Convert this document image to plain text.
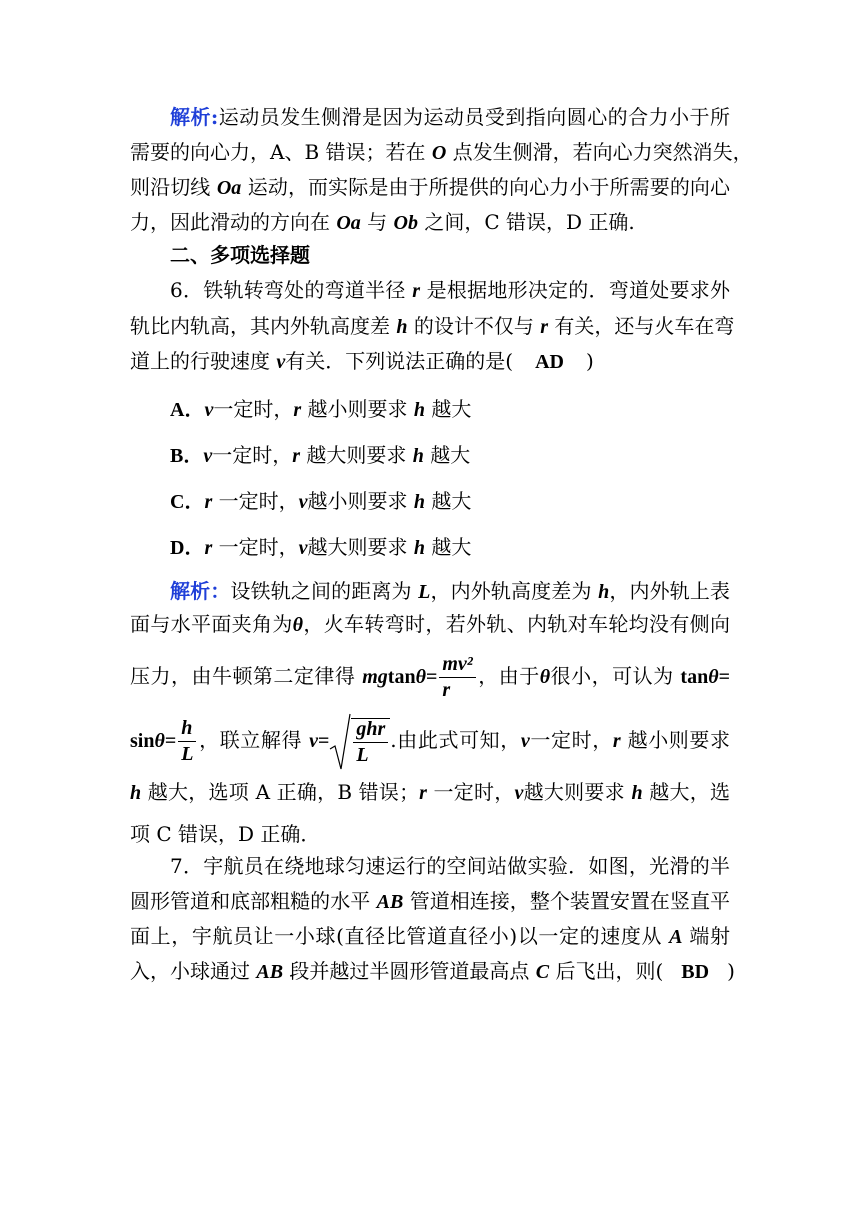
解析:运动员发生侧滑是因为运动员受到指向圆心的合力小于所
需要的向心力，A、B 错误；若在 O 点发生侧滑，若向心力突然消失，
则沿切线 Oa 运动，而实际是由于所提供的向心力小于所需要的向心
力，因此滑动的方向在 Oa 与 Ob 之间，C 错误，D 正确.
二、多项选择题
6．铁轨转弯处的弯道半径 r 是根据地形决定的．弯道处要求外
轨比内轨高，其内外轨高度差 h 的设计不仅与 r 有关，还与火车在弯
道上的行驶速度 v有关．下列说法正确的是( AD )
A．v一定时，r 越小则要求 h 越大
B．v一定时，r 越大则要求 h 越大
C．r 一定时，v越小则要求 h 越大
D．r 一定时，v越大则要求 h 越大
解析：设铁轨之间的距离为 L，内外轨高度差为 h，内外轨上表
面与水平面夹角为θ，火车转弯时，若外轨、内轨对车轮均没有侧向
压力，由牛顿第二定律得 $mgtan\theta= \frac{\text{mv²}}{r}$ ，由于θ很小，可认为 tanθ=
$\sin\theta= \frac{h}{L}$ ，联立解得 $v= \frac{\text{ghr}}{L}$ .由此式可知，v一定时，r 越小则要求
h 越大，选项 A 正确，B 错误；r 一定时，v越大则要求 h 越大，选
项 C 错误，D 正确．
7．宇航员在绕地球匀速运行的空间站做实验．如图，光滑的半
圆形管道和底部粗糙的水平 AB 管道相连接，整个装置安置在竖直平
面上，宇航员让一小球(直径比管道直径小)以一定的速度从 A 端射
入，小球通过 AB 段并越过半圆形管道最高点 C 后飞出，则( BD )
